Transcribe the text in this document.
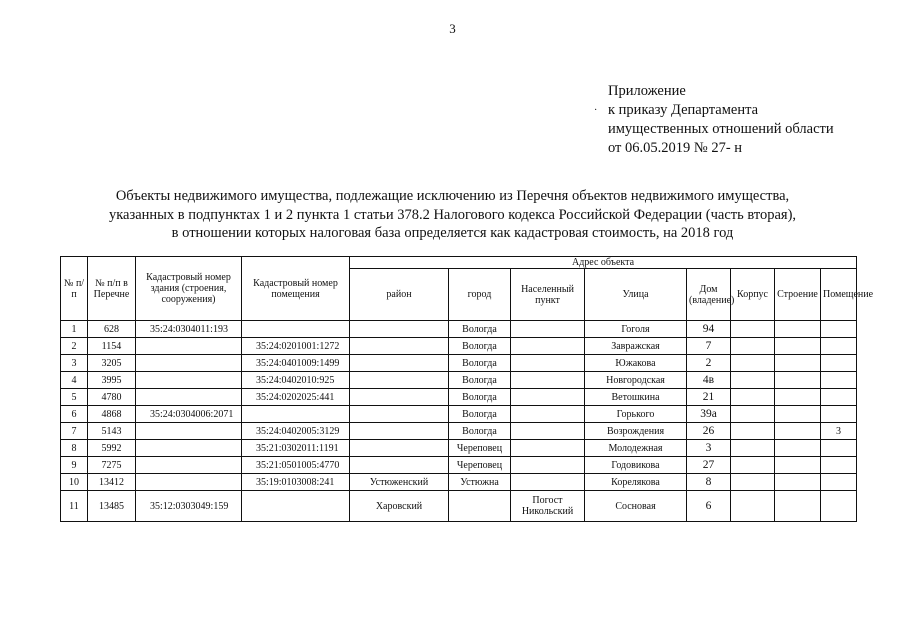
3
·
Приложение
к приказу Департамента
имущественных отношений области
от 06.05.2019 № 27- н
Объекты недвижимого имущества, подлежащие исключению из Перечня объектов недвижимого имущества,
указанных в подпунктах 1 и 2 пункта 1 статьи 378.2 Налогового кодекса Российской Федерации (часть вторая),
в отношении которых налоговая база определяется как кадастровая стоимость, на 2018 год
№ п/п	№ п/п в Перечне	Кадастровый номер здания (строения, сооружения)	Кадастровый номер помещения	Адрес объекта							
				район	город	Населенный пункт	Улица	Дом (владение)	Корпус	Строение	Помещение
1	628	35:24:0304011:193			Вологда		Гоголя	94			
2	1154		35:24:0201001:1272		Вологда		Завражская	7			
3	3205		35:24:0401009:1499		Вологда		Южакова	2			
4	3995		35:24:0402010:925		Вологда		Новгородская	4в			
5	4780		35:24:0202025:441		Вологда		Ветошкина	21			
6	4868	35:24:0304006:2071			Вологда		Горького	39а			
7	5143		35:24:0402005:3129		Вологда		Возрождения	26			3
8	5992		35:21:0302011:1191		Череповец		Молодежная	3			
9	7275		35:21:0501005:4770		Череповец		Годовикова	27			
10	13412		35:19:0103008:241	Устюженский	Устюжна		Кореляковa	8			
11	13485	35:12:0303049:159		Харовский		Погост Никольский	Сосновая	6			
